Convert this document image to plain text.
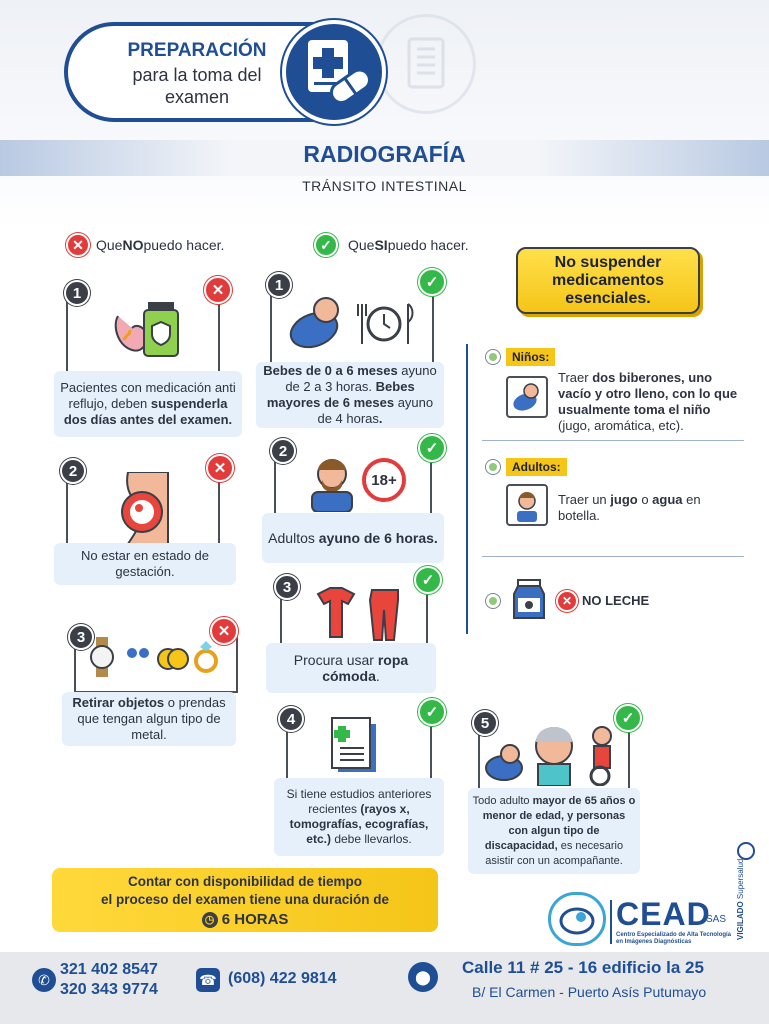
PREPARACIÓN
para la toma del
examen
RADIOGRAFÍA
TRÁNSITO INTESTINAL
✕ Que NO puedo hacer.	✓	Que SI puedo hacer.
No suspender
medicamentos
esenciales.
1	✕
Pacientes con medicación anti reflujo, deben suspenderla dos días antes del examen.
2	✕
No estar en estado de gestación.
3	✕
Retirar objetos o prendas que tengan algun tipo de metal.
1	✓
Bebes de 0 a 6 meses ayuno de 2 a 3 horas. Bebes mayores de 6 meses ayuno de 4 horas.
18+
2	✓
Adultos ayuno de 6 horas.
3	✓
Procura usar ropa cómoda.
4	✓
Si tiene estudios anteriores recientes (rayos x, tomografías, ecografías, etc.) debe llevarlos.
5	✓
Todo adulto mayor de 65 años o menor de edad, y personas con algun tipo de discapacidad, es necesario asistir con un acompañante.
Niños:
Traer dos biberones, uno vacío y otro lleno, con lo que usualmente toma el niño (jugo, aromática, etc).
Adultos:
Traer un jugo o agua en botella.
✕ NO LECHE
Contar con disponibilidad de tiempo
el proceso del examen tiene una duración de
◷ 6 HORAS	CEAD
SAS
Centro Especializado de Alta Tecnología
en Imágenes Diagnósticas
VIGILADO Supersalud
✆
321 402 8547
320 343 9774
☎ (608) 422 9814	⬤	Calle 11 # 25 - 16 edificio la 25
B/ El Carmen - Puerto Asís Putumayo
